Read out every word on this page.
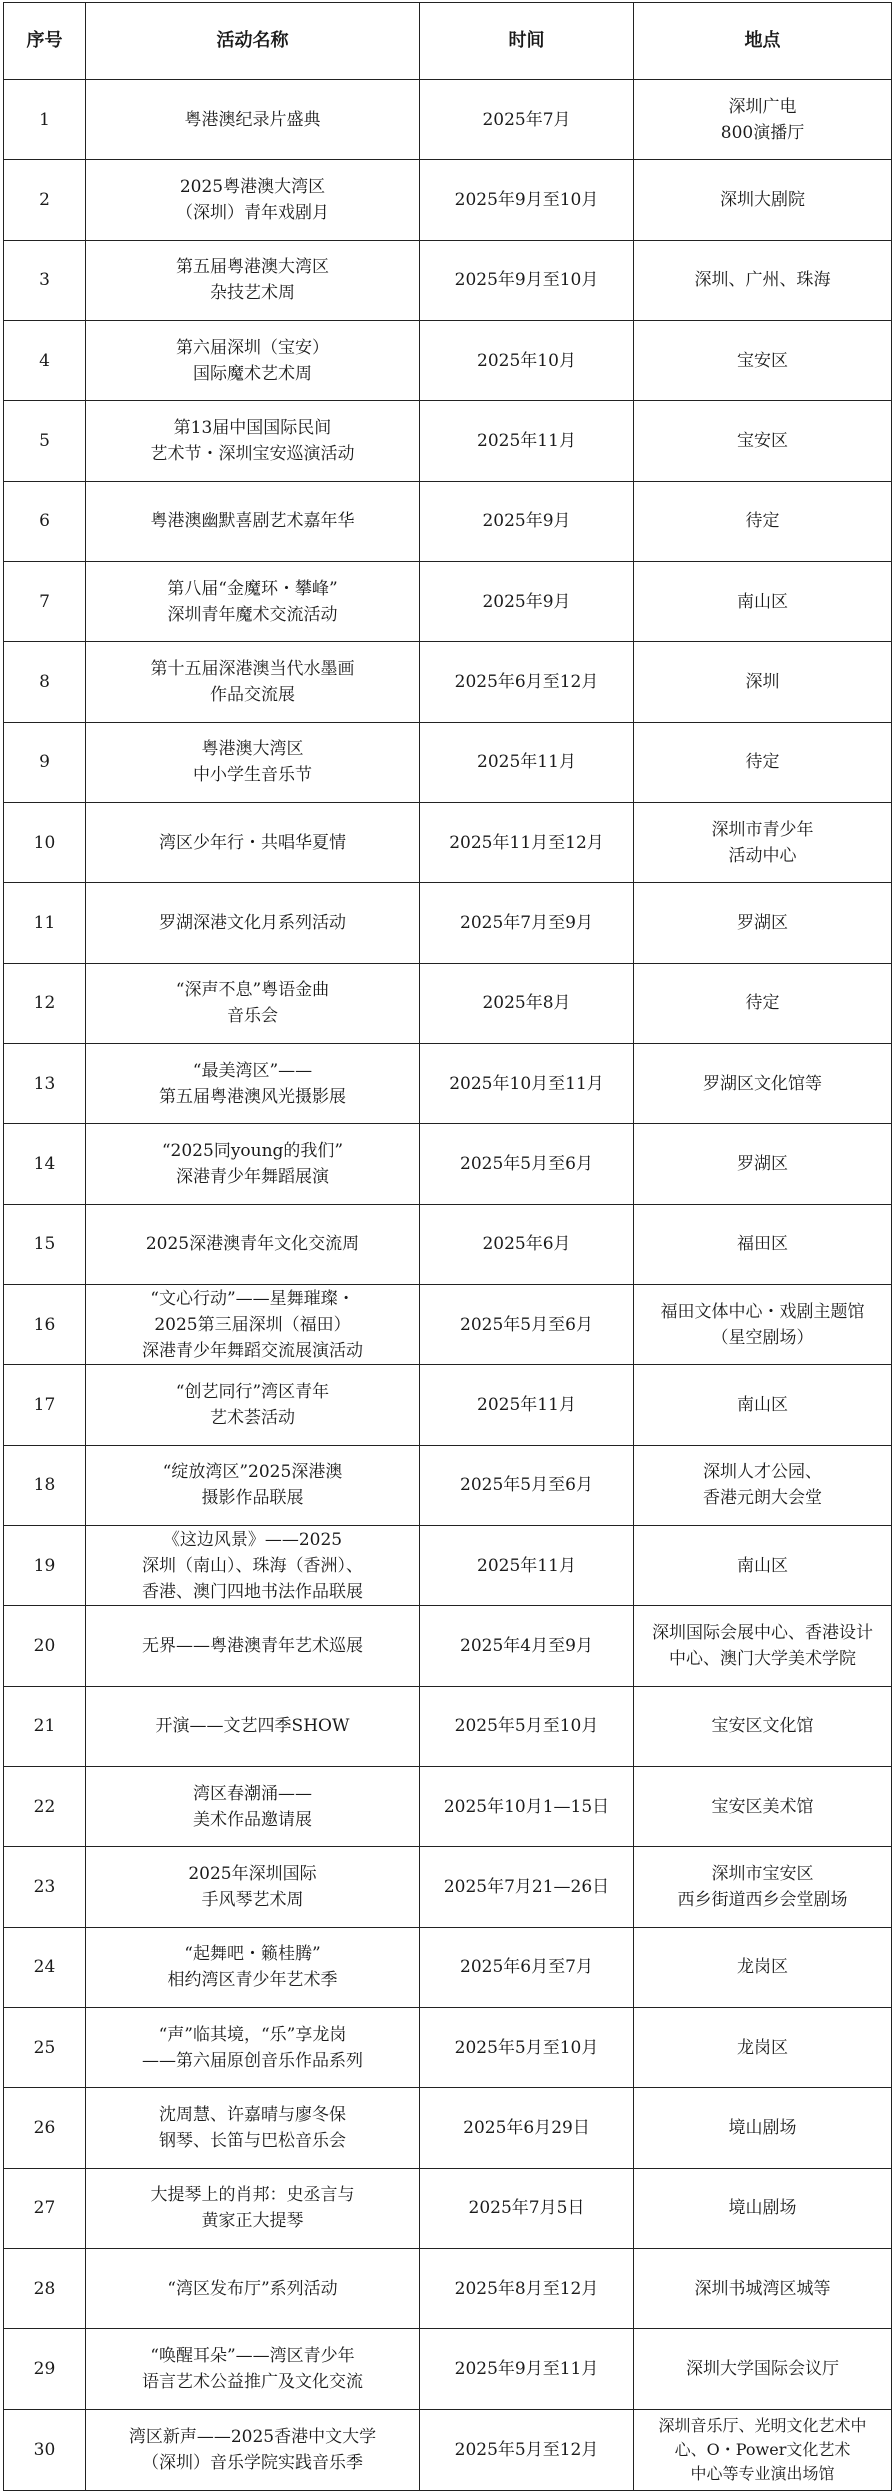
序号	活动名称	时间	地点
1	粤港澳纪录片盛典	2025年7月	深圳广电
800演播厅

2	2025粤港澳大湾区
（深圳）青年戏剧月	2025年9月至10月	深圳大剧院

3	第五届粤港澳大湾区
杂技艺术周	2025年9月至10月	深圳、广州、珠海

4	第六届深圳（宝安）
国际魔术艺术周	2025年10月	宝安区

5	第13届中国国际民间
艺术节・深圳宝安巡演活动	2025年11月	宝安区

6	粤港澳幽默喜剧艺术嘉年华	2025年9月	待定

7	第八届“金魔环・攀峰”
深圳青年魔术交流活动	2025年9月	南山区

8	第十五届深港澳当代水墨画
作品交流展	2025年6月至12月	深圳

9	粤港澳大湾区
中小学生音乐节	2025年11月	待定

10	湾区少年行・共唱华夏情	2025年11月至12月	深圳市青少年
活动中心

11	罗湖深港文化月系列活动	2025年7月至9月	罗湖区

12	“深声不息”粤语金曲
音乐会	2025年8月	待定

13	“最美湾区”——
第五届粤港澳风光摄影展	2025年10月至11月	罗湖区文化馆等

14	“2025同young的我们”
深港青少年舞蹈展演	2025年5月至6月	罗湖区

15	2025深港澳青年文化交流周	2025年6月	福田区

16	“文心行动”——星舞璀璨・
2025第三届深圳（福田）
深港青少年舞蹈交流展演活动	2025年5月至6月	福田文体中心・戏剧主题馆
（星空剧场）

17	“创艺同行”湾区青年
艺术荟活动	2025年11月	南山区

18	“绽放湾区”2025深港澳
摄影作品联展	2025年5月至6月	深圳人才公园、
香港元朗大会堂

19	《这边风景》——2025
深圳（南山）、珠海（香洲）、
香港、澳门四地书法作品联展	2025年11月	南山区

20	无界——粤港澳青年艺术巡展	2025年4月至9月	深圳国际会展中心、香港设计
中心、澳门大学美术学院

21	开演——文艺四季SHOW	2025年5月至10月	宝安区文化馆

22	湾区春潮涌——
美术作品邀请展	2025年10月1—15日	宝安区美术馆

23	2025年深圳国际
手风琴艺术周	2025年7月21—26日	深圳市宝安区
西乡街道西乡会堂剧场

24	“起舞吧・籁桂腾”
相约湾区青少年艺术季	2025年6月至7月	龙岗区

25	“声”临其境，“乐”享龙岗
——第六届原创音乐作品系列	2025年5月至10月	龙岗区

26	沈周慧、许嘉晴与廖冬保
钢琴、长笛与巴松音乐会	2025年6月29日	境山剧场

27	大提琴上的肖邦：史丞言与
黄家正大提琴	2025年7月5日	境山剧场

28	“湾区发布厅”系列活动	2025年8月至12月	深圳书城湾区城等

29	“唤醒耳朵”——湾区青少年
语言艺术公益推广及文化交流	2025年9月至11月	深圳大学国际会议厅

30	湾区新声——2025香港中文大学
（深圳）音乐学院实践音乐季	2025年5月至12月	深圳音乐厅、光明文化艺术中
心、O・Power文化艺术
中心等专业演出场馆
